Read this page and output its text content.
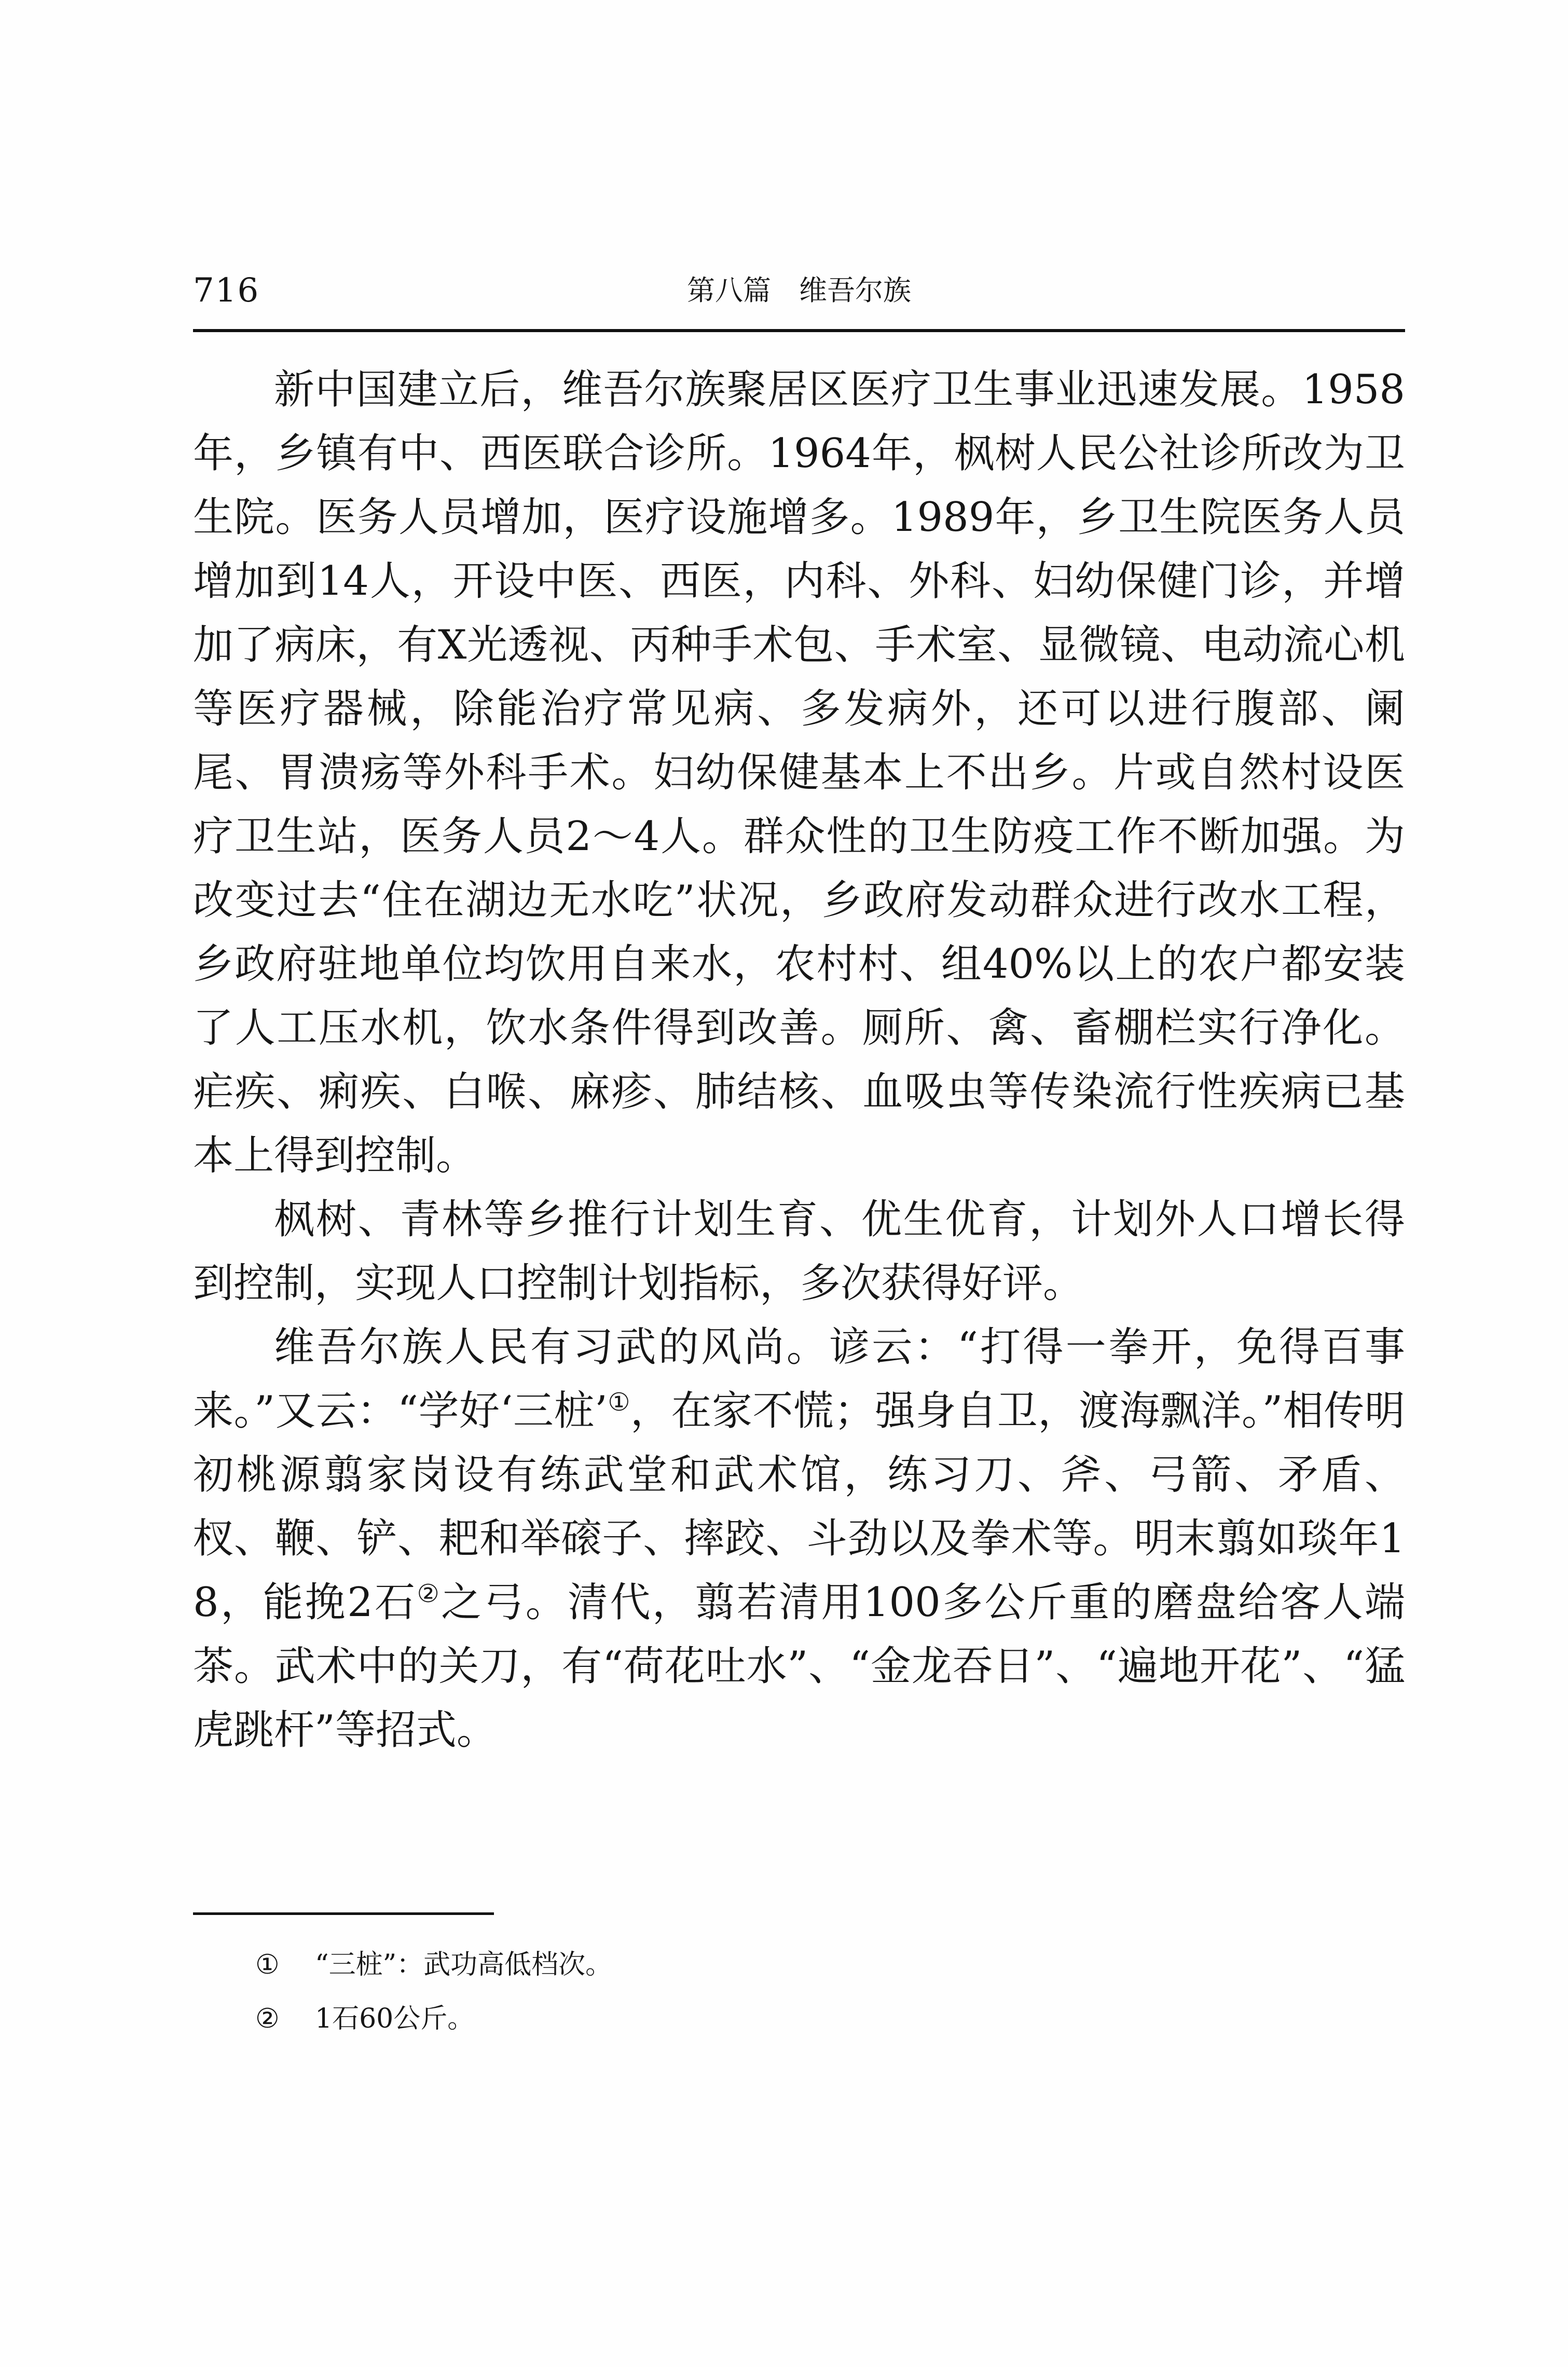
716	第八篇　维吾尔族

新中国建立后，维吾尔族聚居区医疗卫生事业迅速发展。1958年，乡镇有中、西医联合诊所。1964年，枫树人民公社诊所改为卫生院。医务人员增加，医疗设施增多。1989年，乡卫生院医务人员增加到14人，开设中医、西医，内科、外科、妇幼保健门诊，并增加了病床，有X光透视、丙种手术包、手术室、显微镜、电动流心机等医疗器械，除能治疗常见病、多发病外，还可以进行腹部、阑尾、胃溃疡等外科手术。妇幼保健基本上不出乡。片或自然村设医疗卫生站，医务人员2～4人。群众性的卫生防疫工作不断加强。为改变过去“住在湖边无水吃”状况，乡政府发动群众进行改水工程，乡政府驻地单位均饮用自来水，农村村、组40%以上的农户都安装了人工压水机，饮水条件得到改善。厕所、禽、畜棚栏实行净化。疟疾、痢疾、白喉、麻疹、肺结核、血吸虫等传染流行性疾病已基本上得到控制。

枫树、青林等乡推行计划生育、优生优育，计划外人口增长得到控制，实现人口控制计划指标，多次获得好评。

维吾尔族人民有习武的风尚。谚云：“打得一拳开，免得百事来。”又云：“学好‘三桩’①，在家不慌；强身自卫，渡海飘洋。”相传明初桃源翦家岗设有练武堂和武术馆，练习刀、斧、弓箭、矛盾、杈、鞭、铲、耙和举磙子、摔跤、斗劲以及拳术等。明末翦如琰年18，能挽2石②之弓。清代，翦若清用100多公斤重的磨盘给客人端茶。武术中的关刀，有“荷花吐水”、“金龙吞日”、“遍地开花”、“猛虎跳杆”等招式。

① “三桩”：武功高低档次。

② 1石60公斤。
